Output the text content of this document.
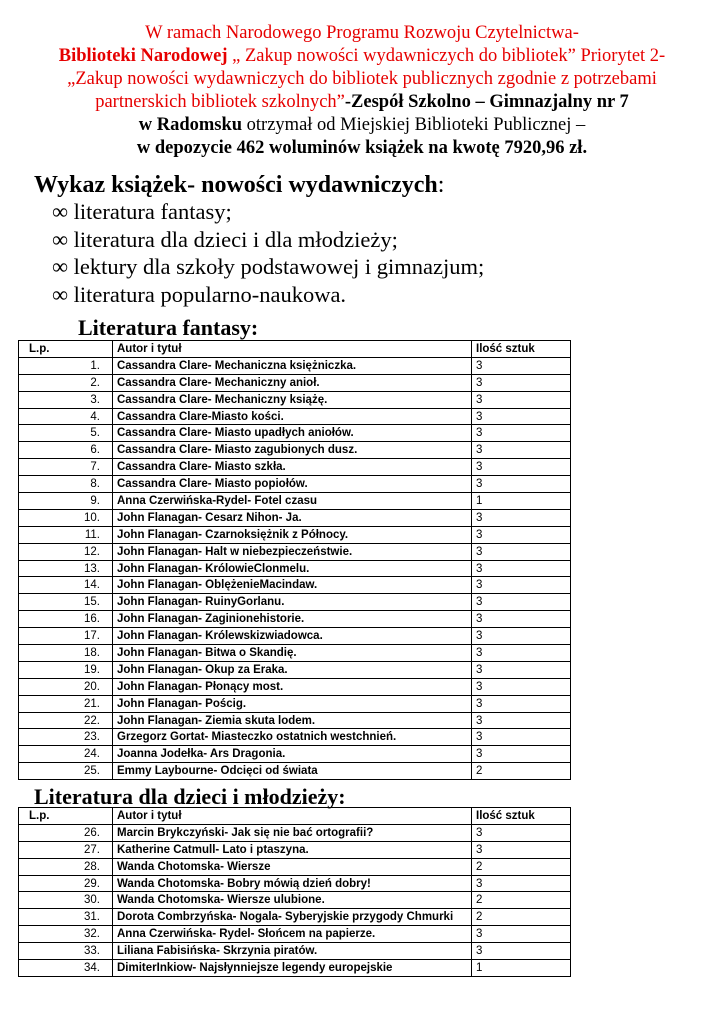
W ramach Narodowego Programu Rozwoju Czytelnictwa-
Biblioteki Narodowej „ Zakup nowości wydawniczych do bibliotek” Priorytet 2-
„Zakup nowości wydawniczych do bibliotek publicznych zgodnie z potrzebami
partnerskich bibliotek szkolnych”-Zespół Szkolno – Gimnazjalny nr 7
w Radomsku otrzymał od Miejskiej Biblioteki Publicznej –
w depozycie 462 woluminów książek na kwotę 7920,96 zł.
Wykaz książek- nowości wydawniczych:
∞ literatura fantasy;
∞ literatura dla dzieci i dla młodzieży;
∞ lektury dla szkoły podstawowej i gimnazjum;
∞ literatura popularno-naukowa.
Literatura fantasy:
L.p.	Autor i tytuł	Ilość sztuk
1.	Cassandra Clare- Mechaniczna księżniczka.	3
2.	Cassandra Clare- Mechaniczny anioł.	3
3.	Cassandra Clare- Mechaniczny książę.	3
4.	Cassandra Clare-Miasto kości.	3
5.	Cassandra Clare- Miasto upadłych aniołów.	3
6.	Cassandra Clare- Miasto zagubionych dusz.	3
7.	Cassandra Clare- Miasto szkła.	3
8.	Cassandra Clare- Miasto popiołów.	3
9.	Anna Czerwińska-Rydel- Fotel czasu	1
10.	John Flanagan- Cesarz Nihon- Ja.	3
11.	John Flanagan- Czarnoksiężnik z Północy.	3
12.	John Flanagan- Halt w niebezpieczeństwie.	3
13.	John Flanagan- KrólowieClonmelu.	3
14.	John Flanagan- OblężenieMacindaw.	3
15.	John Flanagan- RuinyGorlanu.	3
16.	John Flanagan- Zaginionehistorie.	3
17.	John Flanagan- Królewskizwiadowca.	3
18.	John Flanagan- Bitwa o Skandię.	3
19.	John Flanagan- Okup za Eraka.	3
20.	John Flanagan- Płonący most.	3
21.	John Flanagan- Pościg.	3
22.	John Flanagan- Ziemia skuta lodem.	3
23.	Grzegorz Gortat- Miasteczko ostatnich westchnień.	3
24.	Joanna Jodełka- Ars Dragonia.	3
25.	Emmy Laybourne- Odcięci od świata	2
Literatura dla dzieci i młodzieży:
L.p.	Autor i tytuł	Ilość sztuk
26.	Marcin Brykczyński- Jak się nie bać ortografii?	3
27.	Katherine Catmull- Lato i ptaszyna.	3
28.	Wanda Chotomska- Wiersze	2
29.	Wanda Chotomska- Bobry mówią dzień dobry!	3
30.	Wanda Chotomska- Wiersze ulubione.	2
31.	Dorota Combrzyńska- Nogala- Syberyjskie przygody Chmurki	2
32.	Anna Czerwińska- Rydel- Słońcem na papierze.	3
33.	Liliana Fabisińska- Skrzynia piratów.	3
34.	DimiterInkiow- Najsłynniejsze legendy europejskie	1
